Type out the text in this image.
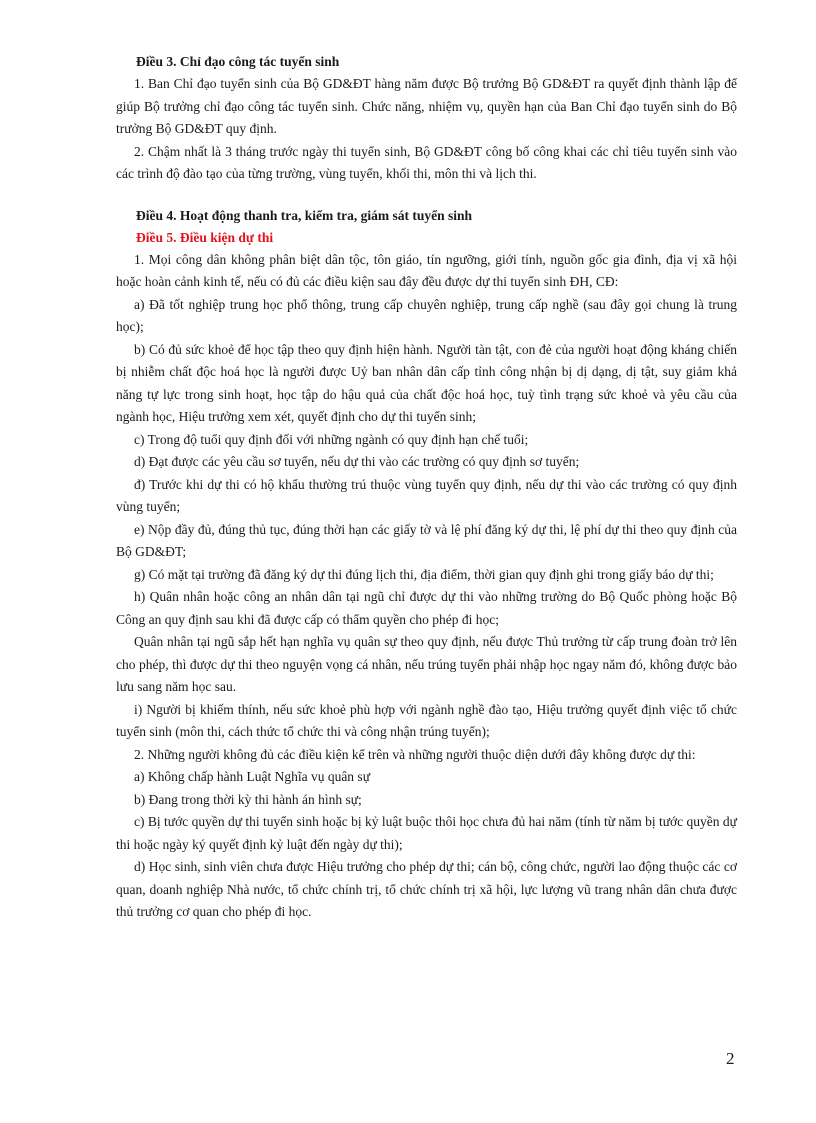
Điều 3. Chỉ đạo công tác tuyển sinh

1. Ban Chỉ đạo tuyển sinh của Bộ GD&ĐT hàng năm được Bộ trưởng Bộ GD&ĐT ra quyết định thành lập để giúp Bộ trưởng chỉ đạo công tác tuyển sinh. Chức năng, nhiệm vụ, quyền hạn của Ban Chỉ đạo tuyển sinh do Bộ trưởng Bộ GD&ĐT quy định.

2. Chậm nhất là 3 tháng trước ngày thi tuyển sinh, Bộ GD&ĐT công bố công khai các chỉ tiêu tuyển sinh vào các trình độ đào tạo của từng trường, vùng tuyển, khối thi, môn thi và lịch thi.

Điều 4. Hoạt động thanh tra, kiểm tra, giám sát tuyển sinh

Điều 5. Điều kiện dự thi

1. Mọi công dân không phân biệt dân tộc, tôn giáo, tín ngưỡng, giới tính, nguồn gốc gia đình, địa vị xã hội hoặc hoàn cảnh kinh tế, nếu có đủ các điều kiện sau đây đều được dự thi tuyển sinh ĐH, CĐ:

a) Đã tốt nghiệp trung học phổ thông, trung cấp chuyên nghiệp, trung cấp nghề (sau đây gọi chung là trung học);

b) Có đủ sức khoẻ để học tập theo quy định hiện hành. Người tàn tật, con đẻ của người hoạt động kháng chiến bị nhiễm chất độc hoá học là người được Uỷ ban nhân dân cấp tỉnh công nhận bị dị dạng, dị tật, suy giảm khả năng tự lực trong sinh hoạt, học tập do hậu quả của chất độc hoá học, tuỳ tình trạng sức khoẻ và yêu cầu của ngành học, Hiệu trưởng xem xét, quyết định cho dự thi tuyển sinh;

c) Trong độ tuổi quy định đối với những ngành có quy định hạn chế tuổi;

d) Đạt được các yêu cầu sơ tuyển, nếu dự thi vào các trường có quy định sơ tuyển;

đ) Trước khi dự thi có hộ khẩu thường trú thuộc vùng tuyển quy định, nếu dự thi vào các trường có quy định vùng tuyển;

e) Nộp đầy đủ, đúng thủ tục, đúng thời hạn các giấy tờ và lệ phí đăng ký dự thi, lệ phí dự thi theo quy định của Bộ GD&ĐT;

g) Có mặt tại trường đã đăng ký dự thi đúng lịch thi, địa điểm, thời gian quy định ghi trong giấy báo dự thi;

h) Quân nhân hoặc công an nhân dân tại ngũ chỉ được dự thi vào những trường do Bộ Quốc phòng hoặc Bộ Công an quy định sau khi đã được cấp có thẩm quyền cho phép đi học;

Quân nhân tại ngũ sắp hết hạn nghĩa vụ quân sự theo quy định, nếu được Thủ trưởng từ cấp trung đoàn trở lên cho phép, thì được dự thi theo nguyện vọng cá nhân, nếu trúng tuyển phải nhập học ngay năm đó, không được bảo lưu sang năm học sau.

i) Người bị khiếm thính, nếu sức khoẻ phù hợp với ngành nghề đào tạo, Hiệu trưởng quyết định việc tổ chức tuyển sinh (môn thi, cách thức tổ chức thi và công nhận trúng tuyển);

2. Những người không đủ các điều kiện kể trên và những người thuộc diện dưới đây không được dự thi:

a) Không chấp hành Luật Nghĩa vụ quân sự

b) Đang trong thời kỳ thi hành án hình sự;

c) Bị tước quyền dự thi tuyển sinh hoặc bị kỷ luật buộc thôi học chưa đủ hai năm (tính từ năm bị tước quyền dự thi hoặc ngày ký quyết định kỷ luật đến ngày dự thi);

d) Học sinh, sinh viên chưa được Hiệu trưởng cho phép dự thi; cán bộ, công chức, người lao động thuộc các cơ quan, doanh nghiệp Nhà nước, tổ chức chính trị, tổ chức chính trị xã hội, lực lượng vũ trang nhân dân chưa được thủ trưởng cơ quan cho phép đi học.

2
